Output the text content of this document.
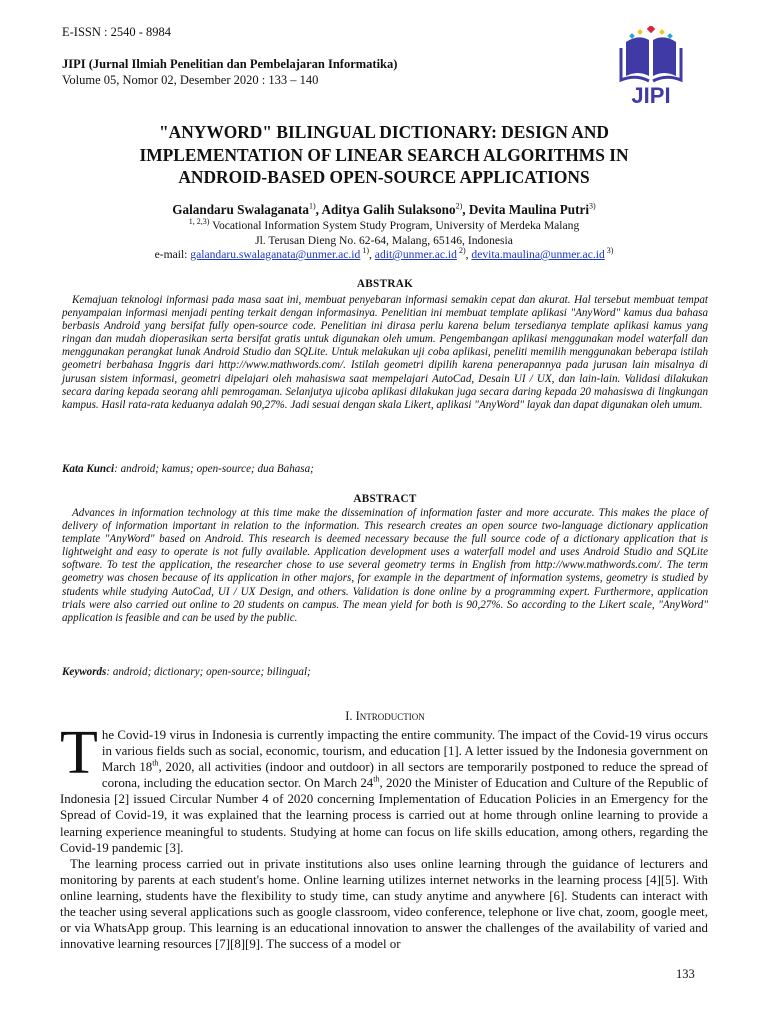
E-ISSN : 2540 - 8984
JIPI (Jurnal Ilmiah Penelitian dan Pembelajaran Informatika)
Volume 05, Nomor 02, Desember 2020 : 133 – 140
JIPI
"ANYWORD" BILINGUAL DICTIONARY: DESIGN AND
IMPLEMENTATION OF LINEAR SEARCH ALGORITHMS IN
ANDROID-BASED OPEN-SOURCE APPLICATIONS
Galandaru Swalaganata$^{1)}$, Aditya Galih Sulaksono$^{2)}$, Devita Maulina Putri$^{3)}$
$^{1, 2,3)}$ Vocational Information System Study Program, University of Merdeka Malang
Jl. Terusan Dieng No. 62-64, Malang, 65146, Indonesia
e-mail: galandaru.swalaganata@unmer.ac.id $^{1)}$, adit@unmer.ac.id $^{2)}$, devita.maulina@unmer.ac.id $^{3)}$
ABSTRAK

Kemajuan teknologi informasi pada masa saat ini, membuat penyebaran informasi semakin cepat dan akurat. Hal tersebut membuat tempat penyampaian informasi menjadi penting terkait dengan informasinya. Penelitian ini membuat template aplikasi "AnyWord" kamus dua bahasa berbasis Android yang bersifat fully open-source code. Penelitian ini dirasa perlu karena belum tersedianya template aplikasi kamus yang ringan dan mudah dioperasikan serta bersifat gratis untuk digunakan oleh umum. Pengembangan aplikasi menggunakan model waterfall dan menggunakan perangkat lunak Android Studio dan SQLite. Untuk melakukan uji coba aplikasi, peneliti memilih menggunakan beberapa istilah geometri berbahasa Inggris dari http://www.mathwords.com/. Istilah geometri dipilih karena penerapannya pada jurusan lain misalnya di jurusan sistem informasi, geometri dipelajari oleh mahasiswa saat mempelajari AutoCad, Desain UI / UX, dan lain-lain. Validasi dilakukan secara daring kepada seorang ahli pemrogaman. Selanjutya ujicoba aplikasi dilakukan juga secara daring kepada 20 mahasiswa di lingkungan kampus. Hasil rata-rata keduanya adalah 90,27%. Jadi sesuai dengan skala Likert, aplikasi "AnyWord" layak dan dapat digunakan oleh umum.

Kata Kunci: android; kamus; open-source; dua Bahasa;
ABSTRACT

Advances in information technology at this time make the dissemination of information faster and more accurate. This makes the place of delivery of information important in relation to the information. This research creates an open source two-language dictionary application template "AnyWord" based on Android. This research is deemed necessary because the full source code of a dictionary application that is lightweight and easy to operate is not fully available. Application development uses a waterfall model and uses Android Studio and SQLite software. To test the application, the researcher chose to use several geometry terms in English from http://www.mathwords.com/. The term geometry was chosen because of its application in other majors, for example in the department of information systems, geometry is studied by students while studying AutoCad, UI / UX Design, and others. Validation is done online by a programming expert. Furthermore, application trials were also carried out online to 20 students on campus. The mean yield for both is 90,27%. So according to the Likert scale, "AnyWord" application is feasible and can be used by the public.

Keywords: android; dictionary; open-source; bilingual;
I. Introduction

The Covid-19 virus in Indonesia is currently impacting the entire community. The impact of the Covid-19 virus occurs in various fields such as social, economic, tourism, and education [1]. A letter issued by the Indonesia government on March 18th, 2020, all activities (indoor and outdoor) in all sectors are temporarily postponed to reduce the spread of corona, including the education sector. On March 24th, 2020 the Minister of Education and Culture of the Republic of Indonesia [2] issued Circular Number 4 of 2020 concerning Implementation of Education Policies in an Emergency for the Spread of Covid-19, it was explained that the learning process is carried out at home through online learning to provide a learning experience meaningful to students. Studying at home can focus on life skills education, among others, regarding the Covid-19 pandemic [3].

The learning process carried out in private institutions also uses online learning through the guidance of lecturers and monitoring by parents at each student's home. Online learning utilizes internet networks in the learning process [4][5]. With online learning, students have the flexibility to study time, can study anytime and anywhere [6]. Students can interact with the teacher using several applications such as google classroom, video conference, telephone or live chat, zoom, google meet, or via WhatsApp group. This learning is an educational innovation to answer the challenges of the availability of varied and innovative learning resources [7][8][9]. The success of a model or

133
